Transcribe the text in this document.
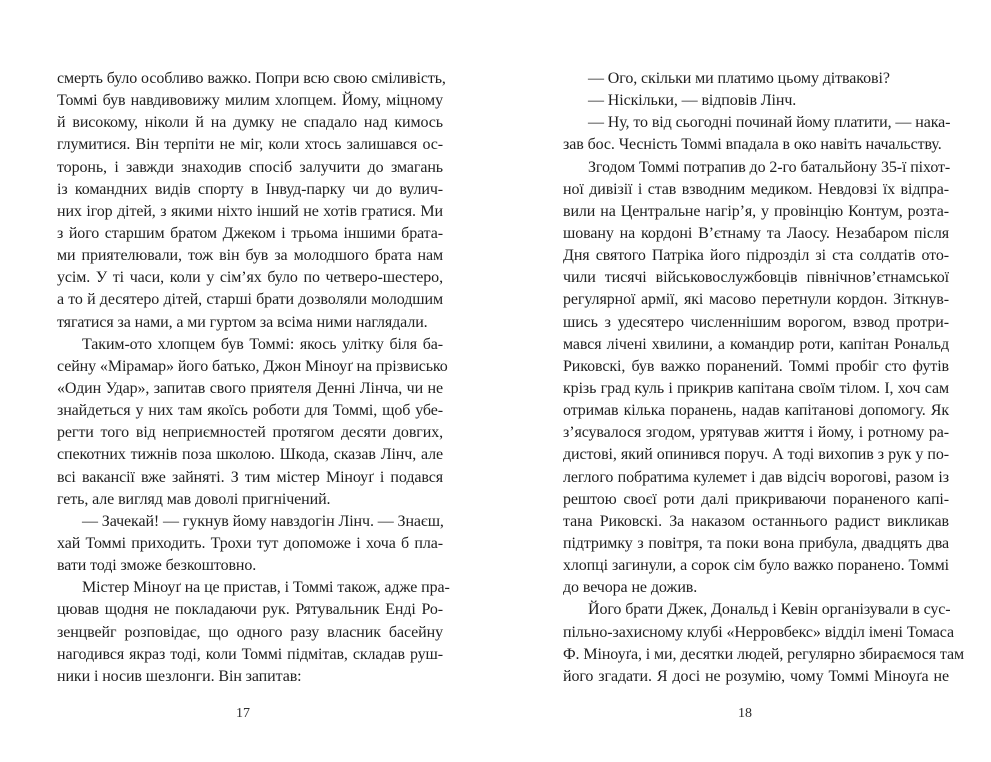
смерть було особливо важко. Попри всю свою сміливість,
Томмі був навдивовижу милим хлопцем. Йому, міцному
й високому, ніколи й на думку не спадало над кимось
глумитися. Він терпіти не міг, коли хтось залишався ос-
торонь, і завжди знаходив спосіб залучити до змагань
із командних видів спорту в Інвуд-парку чи до вулич-
них ігор дітей, з якими ніхто інший не хотів гратися. Ми
з його старшим братом Джеком і трьома іншими брата-
ми приятелювали, тож він був за молодшого брата нам
усім. У ті часи, коли у сім’ях було по четверо-шестеро,
а то й десятеро дітей, старші брати дозволяли молодшим
тягатися за нами, а ми гуртом за всіма ними наглядали.
Таким-ото хлопцем був Томмі: якось улітку біля ба-
сейну «Мірамар» його батько, Джон Міноуґ на прізвисько
«Один Удар», запитав свого приятеля Денні Лінча, чи не
знайдеться у них там якоїсь роботи для Томмі, щоб убе-
регти того від неприємностей протягом десяти довгих,
спекотних тижнів поза школою. Шкода, сказав Лінч, але
всі вакансії вже зайняті. З тим містер Міноуґ і подався
геть, але вигляд мав доволі пригнічений.
— Зачекай! — гукнув йому навздогін Лінч. — Знаєш,
хай Томмі приходить. Трохи тут допоможе і хоча б пла-
вати тоді зможе безкоштовно.
Містер Міноуґ на це пристав, і Томмі також, адже пра-
цював щодня не покладаючи рук. Рятувальник Енді Ро-
зенцвейг розповідає, що одного разу власник басейну
нагодився якраз тоді, коли Томмі підмітав, складав руш-
ники і носив шезлонги. Він запитав:
— Ого, скільки ми платимо цьому дітвакові?
— Ніскільки, — відповів Лінч.
— Ну, то від сьогодні починай йому платити, — нака-
зав бос. Чесність Томмі впадала в око навіть начальству.
Згодом Томмі потрапив до 2-го батальйону 35-ї піхот-
ної дивізії і став взводним медиком. Невдовзі їх відпра-
вили на Центральне нагір’я, у провінцію Контум, розта-
шовану на кордоні В’єтнаму та Лаосу. Незабаром після
Дня святого Патріка його підрозділ зі ста солдатів ото-
чили тисячі військовослужбовців північнов’єтнамської
регулярної армії, які масово перетнули кордон. Зіткнув-
шись з удесятеро численнішим ворогом, взвод протри-
мався лічені хвилини, а командир роти, капітан Рональд
Риковскі, був важко поранений. Томмі пробіг сто футів
крізь град куль і прикрив капітана своїм тілом. І, хоч сам
отримав кілька поранень, надав капітанові допомогу. Як
з’ясувалося згодом, урятував життя і йому, і ротному ра-
дистові, який опинився поруч. А тоді вихопив з рук у по-
леглого побратима кулемет і дав відсіч ворогові, разом із
рештою своєї роти далі прикриваючи пораненого капі-
тана Риковскі. За наказом останнього радист викликав
підтримку з повітря, та поки вона прибула, двадцять два
хлопці загинули, а сорок сім було важко поранено. Томмі
до вечора не дожив.
Його брати Джек, Дональд і Кевін організували в сус-
пільно-захисному клубі «Нерровбекс» відділ імені Томаса
Ф. Міноуґа, і ми, десятки людей, регулярно збираємося там
його згадати. Я досі не розумію, чому Томмі Міноуґа не
17	18
